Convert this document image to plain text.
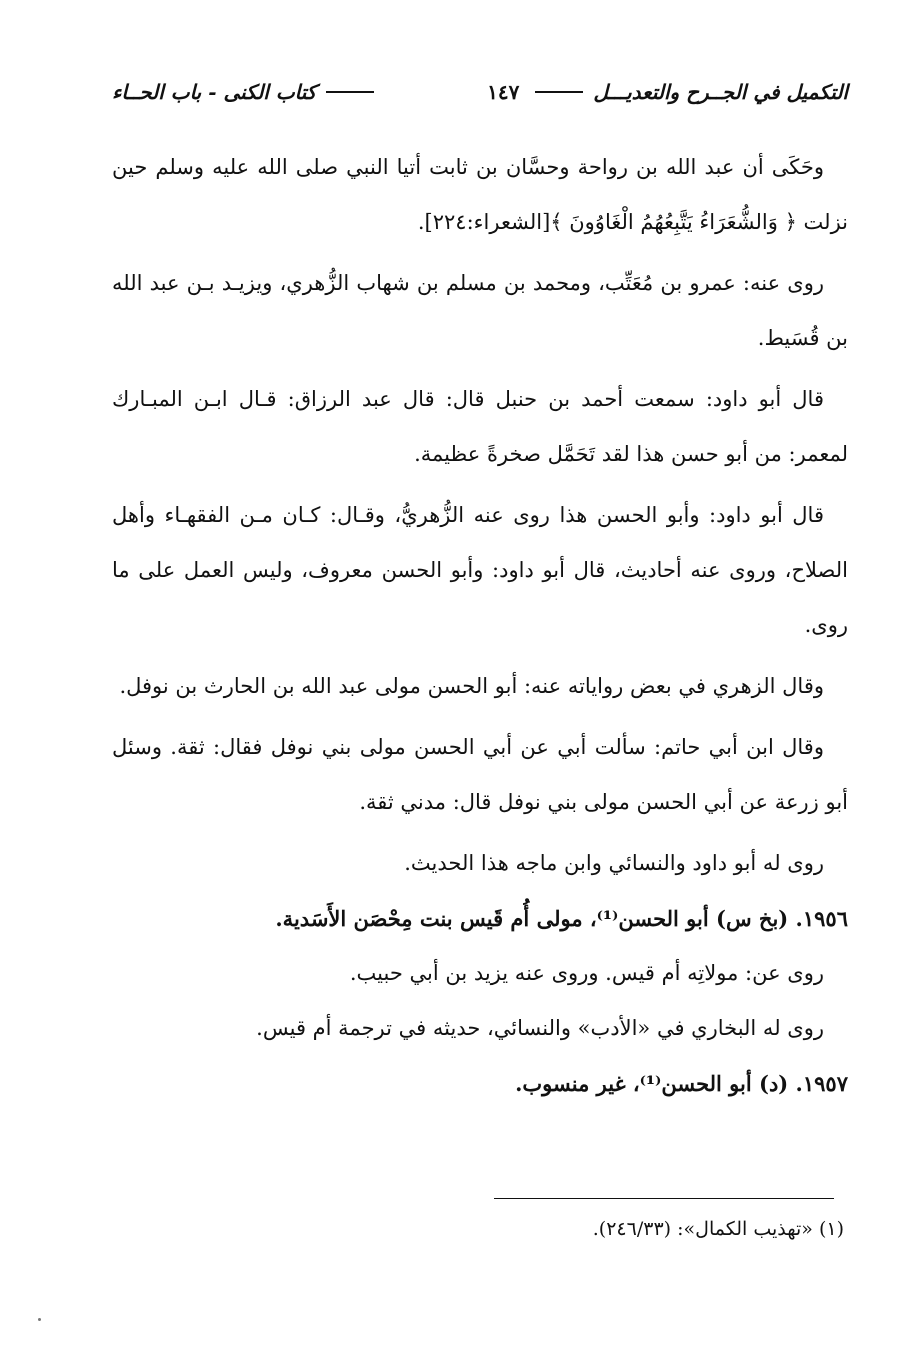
التكميل في الجــرح والتعديـــل
١٤٧
كتاب الكنى - باب الحــاء

وحَكَى أن عبد الله بن رواحة وحسَّان بن ثابت أتيا النبي صلى الله عليه وسلم حين نزلت ﴿ وَالشُّعَرَاءُ يَتَّبِعُهُمُ الْغَاوُونَ ﴾[الشعراء:٢٢٤].

روى عنه: عمرو بن مُعَتِّب، ومحمد بن مسلم بن شهاب الزُّهري، ويزيـد بـن عبد الله بن قُسَيط.

قال أبو داود: سمعت أحمد بن حنبل قال: قال عبد الرزاق: قـال ابـن المبـارك لمعمر: من أبو حسن هذا لقد تَحَمَّل صخرةً عظيمة.

قال أبو داود: وأبو الحسن هذا روى عنه الزُّهريُّ، وقـال: كـان مـن الفقهـاء وأهل الصلاح، وروى عنه أحاديث، قال أبو داود: وأبو الحسن معروف، وليس العمل على ما روى.

وقال الزهري في بعض رواياته عنه: أبو الحسن مولى عبد الله بن الحارث بن نوفل.

وقال ابن أبي حاتم: سألت أبي عن أبي الحسن مولى بني نوفل فقال: ثقة. وسئل أبو زرعة عن أبي الحسن مولى بني نوفل قال: مدني ثقة.

روى له أبو داود والنسائي وابن ماجه هذا الحديث.

١٩٥٦. (بخ س) أبو الحسن⁽¹⁾، مولى أُم قَيس بنت مِحْصَن الأَسَدية.

روى عن: مولاتِه أم قيس. وروى عنه يزيد بن أبي حبيب.

روى له البخاري في «الأدب» والنسائي، حديثه في ترجمة أم قيس.

١٩٥٧. (د) أبو الحسن⁽¹⁾، غير منسوب.

(١) «تهذيب الكمال»: (٢٤٦/٣٣).
